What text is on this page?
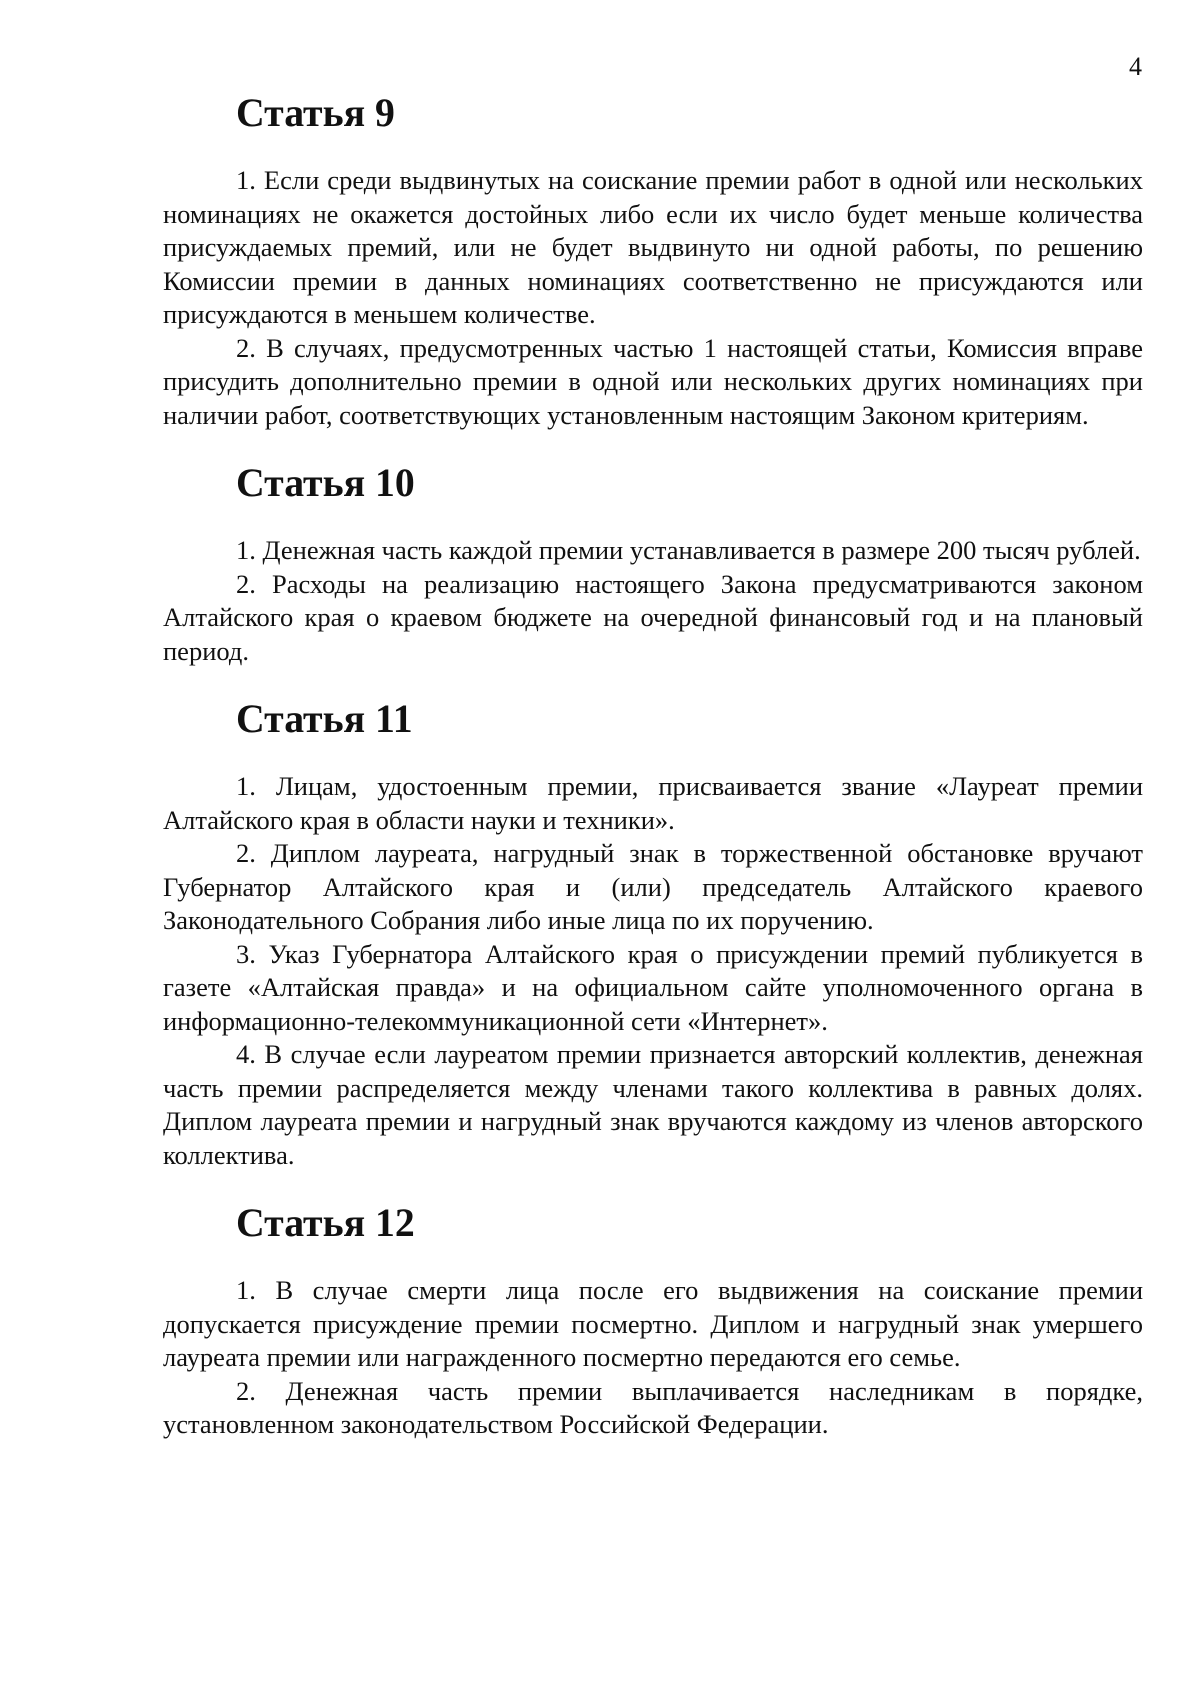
4
Статья 9

1. Если среди выдвинутых на соискание премии работ в одной или нескольких номинациях не окажется достойных либо если их число будет меньше количества присуждаемых премий, или не будет выдвинуто ни одной работы, по решению Комиссии премии в данных номинациях соответственно не присуждаются или присуждаются в меньшем количестве.

2. В случаях, предусмотренных частью 1 настоящей статьи, Комиссия вправе присудить дополнительно премии в одной или нескольких других номинациях при наличии работ, соответствующих установленным настоящим Законом критериям.

Статья 10

1. Денежная часть каждой премии устанавливается в размере 200 тысяч рублей.

2. Расходы на реализацию настоящего Закона предусматриваются законом Алтайского края о краевом бюджете на очередной финансовый год и на плановый период.

Статья 11

1. Лицам, удостоенным премии, присваивается звание «Лауреат премии Алтайского края в области науки и техники».

2. Диплом лауреата, нагрудный знак в торжественной обстановке вручают Губернатор Алтайского края и (или) председатель Алтайского краевого Законодательного Собрания либо иные лица по их поручению.

3. Указ Губернатора Алтайского края о присуждении премий публикуется в газете «Алтайская правда» и на официальном сайте уполномоченного органа в информационно-телекоммуникационной сети «Интернет».

4. В случае если лауреатом премии признается авторский коллектив, денежная часть премии распределяется между членами такого коллектива в равных долях. Диплом лауреата премии и нагрудный знак вручаются каждому из членов авторского коллектива.

Статья 12

1. В случае смерти лица после его выдвижения на соискание премии допускается присуждение премии посмертно. Диплом и нагрудный знак умершего лауреата премии или награжденного посмертно передаются его семье.

2. Денежная часть премии выплачивается наследникам в порядке, установленном законодательством Российской Федерации.
